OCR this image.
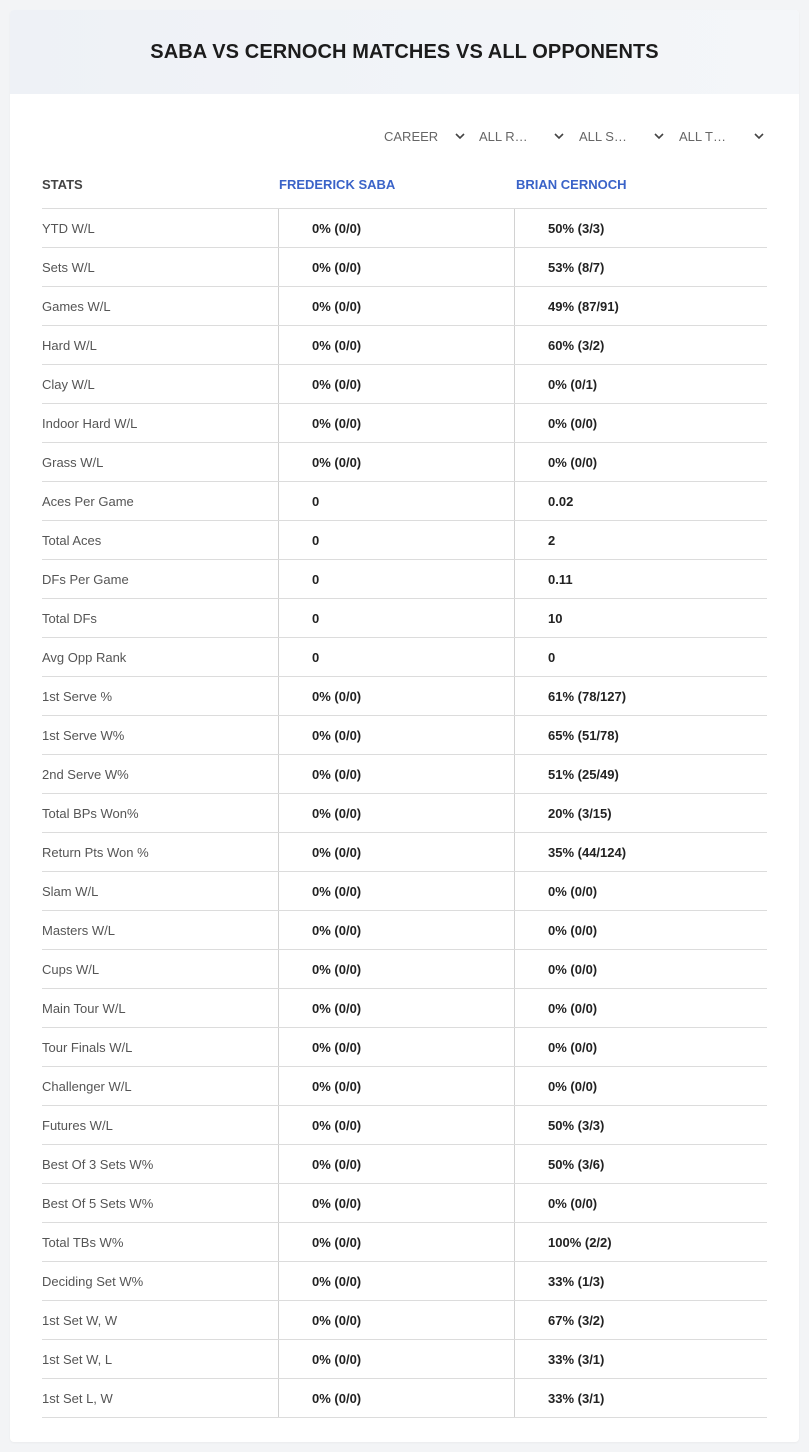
SABA VS CERNOCH MATCHES VS ALL OPPONENTS
CAREER	ALL R…	ALL S…	ALL T…
STATS	FREDERICK SABA	BRIAN CERNOCH
YTD W/L	0% (0/0)	50% (3/3)
Sets W/L	0% (0/0)	53% (8/7)
Games W/L	0% (0/0)	49% (87/91)
Hard W/L	0% (0/0)	60% (3/2)
Clay W/L	0% (0/0)	0% (0/1)
Indoor Hard W/L	0% (0/0)	0% (0/0)
Grass W/L	0% (0/0)	0% (0/0)
Aces Per Game	0	0.02
Total Aces	0	2
DFs Per Game	0	0.11
Total DFs	0	10
Avg Opp Rank	0	0
1st Serve %	0% (0/0)	61% (78/127)
1st Serve W%	0% (0/0)	65% (51/78)
2nd Serve W%	0% (0/0)	51% (25/49)
Total BPs Won%	0% (0/0)	20% (3/15)
Return Pts Won %	0% (0/0)	35% (44/124)
Slam W/L	0% (0/0)	0% (0/0)
Masters W/L	0% (0/0)	0% (0/0)
Cups W/L	0% (0/0)	0% (0/0)
Main Tour W/L	0% (0/0)	0% (0/0)
Tour Finals W/L	0% (0/0)	0% (0/0)
Challenger W/L	0% (0/0)	0% (0/0)
Futures W/L	0% (0/0)	50% (3/3)
Best Of 3 Sets W%	0% (0/0)	50% (3/6)
Best Of 5 Sets W%	0% (0/0)	0% (0/0)
Total TBs W%	0% (0/0)	100% (2/2)
Deciding Set W%	0% (0/0)	33% (1/3)
1st Set W, W	0% (0/0)	67% (3/2)
1st Set W, L	0% (0/0)	33% (3/1)
1st Set L, W	0% (0/0)	33% (3/1)
